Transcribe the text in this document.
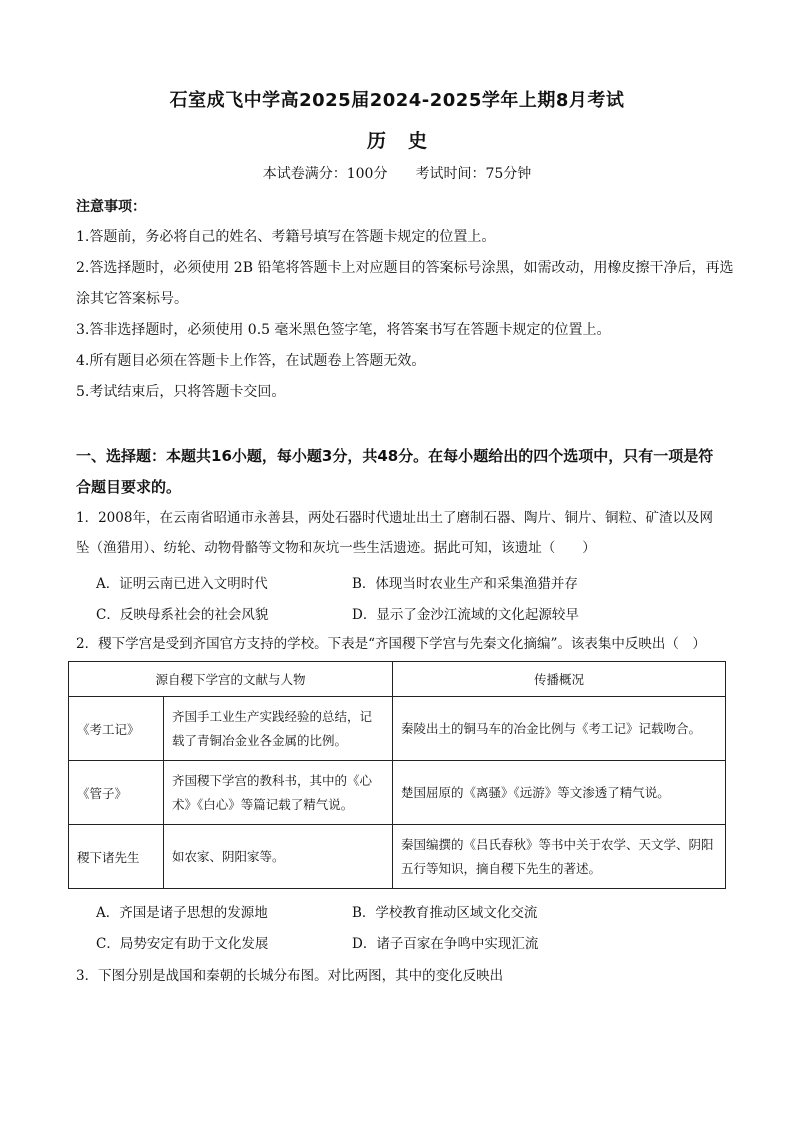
石室成飞中学高2025届2024-2025学年上期8月考试
历史
本试卷满分：100分 考试时间：75分钟
注意事项：
1.答题前，务必将自己的姓名、考籍号填写在答题卡规定的位置上。
2.答选择题时，必须使用 2B 铅笔将答题卡上对应题目的答案标号涂黑，如需改动，用橡皮擦干净后，再选涂其它答案标号。
3.答非选择题时，必须使用 0.5 毫米黑色签字笔，将答案书写在答题卡规定的位置上。
4.所有题目必须在答题卡上作答，在试题卷上答题无效。
5.考试结束后，只将答题卡交回。
一、选择题：本题共16小题，每小题3分，共48分。在每小题给出的四个选项中，只有一项是符合题目要求的。
1．2008年，在云南省昭通市永善县，两处石器时代遗址出土了磨制石器、陶片、铜片、铜粒、矿渣以及网坠（渔猎用）、纺轮、动物骨骼等文物和灰坑一些生活遗迹。据此可知，该遗址（　　）
A．证明云南已进入文明时代	B．体现当时农业生产和采集渔猎并存
C．反映母系社会的社会风貌	D．显示了金沙江流域的文化起源较早
2．稷下学宫是受到齐国官方支持的学校。下表是“齐国稷下学宫与先秦文化摘编”。该表集中反映出（　）
源自稷下学宫的文献与人物		传播概况
《考工记》	齐国手工业生产实践经验的总结，记载了青铜冶金业各金属的比例。	秦陵出土的铜马车的冶金比例与《考工记》记载吻合。
《管子》	齐国稷下学宫的教科书，其中的《心术》《白心》等篇记载了精气说。	楚国屈原的《离骚》《远游》等文渗透了精气说。
稷下诸先生	如农家、阴阳家等。	秦国编撰的《吕氏春秋》等书中关于农学、天文学、阴阳五行等知识，摘自稷下先生的著述。
A．齐国是诸子思想的发源地	B．学校教育推动区域文化交流
C．局势安定有助于文化发展	D．诸子百家在争鸣中实现汇流
3．下图分别是战国和秦朝的长城分布图。对比两图，其中的变化反映出
